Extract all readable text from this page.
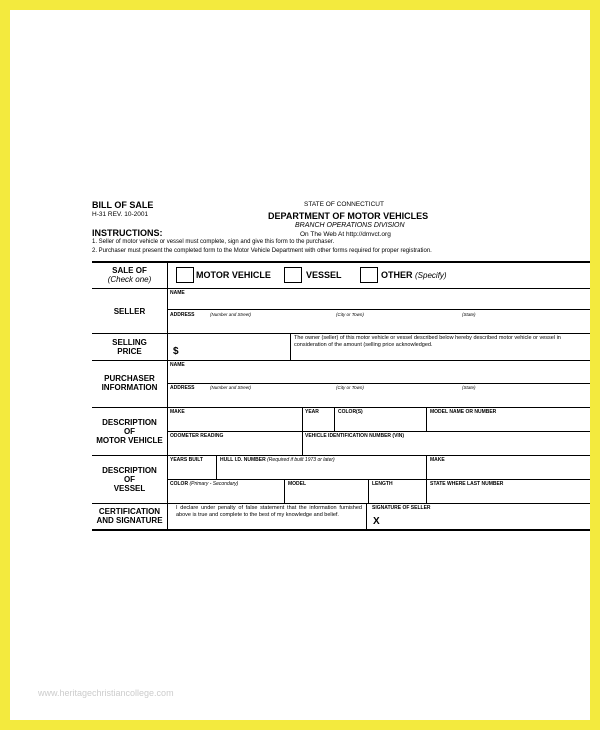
BILL OF SALE
H-31 REV. 10-2001
STATE OF CONNECTICUT
DEPARTMENT OF MOTOR VEHICLES
BRANCH OPERATIONS DIVISION
On The Web At http://dmvct.org
INSTRUCTIONS:
1. Seller of motor vehicle or vessel must complete, sign and give this form to the purchaser.
2. Purchaser must present the completed form to the Motor Vehicle Department with other forms required for proper registration.
SALE OF
(Check one)	MOTOR VEHICLE	VESSEL	OTHER (Specify)
SELLER
NAME
ADDRESS	(Number and Street)	(City or Town)	(State)
SELLING
PRICE	$
The owner (seller) of this motor vehicle or vessel described below hereby described motor vehicle or vessel in consideration of the amount (selling price acknowledged.
PURCHASER
INFORMATION
NAME
ADDRESS	(Number and Street)	(City or Town)	(State)
DESCRIPTION
OF
MOTOR VEHICLE
MAKE	YEAR	COLOR(S)	MODEL NAME OR NUMBER
ODOMETER READING	VEHICLE IDENTIFICATION NUMBER (VIN)
DESCRIPTION
OF
VESSEL
YEARS BUILT	HULL I.D. NUMBER (Required if built 1973 or later)	MAKE
COLOR (Primary - Secondary)	MODEL	LENGTH	STATE WHERE LAST NUMBER
CERTIFICATION
AND SIGNATURE
I declare under penalty of false statement that the information furnished above is true and complete to the best of my knowledge and belief.
SIGNATURE OF SELLER
X
www.heritagechristiancollege.com
